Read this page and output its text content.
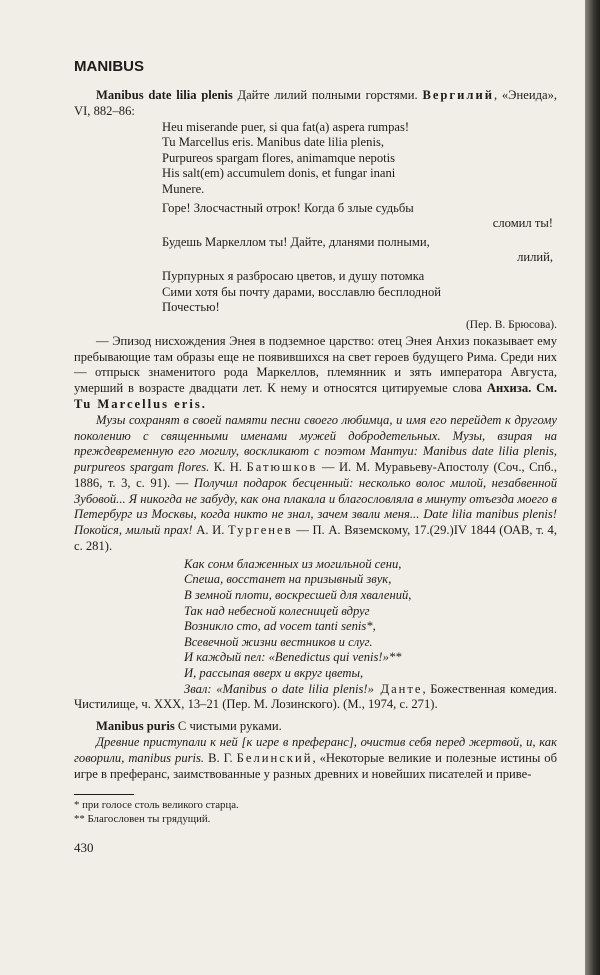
MANIBUS

Manibus date lilia plenis Дайте лилий полными горстями. Вергилий, «Энеида», VI, 882–86:

Heu miserande puer, si qua fat(a) aspera rumpas!
Tu Marcellus eris. Manibus date lilia plenis,
Purpureos spargam flores, animamque nepotis
His salt(em) accumulem donis, et fungar inani
Munere.
Горе! Злосчастный отрок! Когда б злые судьбы
сломил ты!
Будешь Маркеллом ты! Дайте, дланями полными,
лилий,
Пурпурных я разбросаю цветов, и душу потомка
Сими хотя бы почту дарами, восславлю бесплодной
Почестью!
(Пер. В. Брюсова).

— Эпизод нисхождения Энея в подземное царство: отец Энея Анхиз показывает ему пребывающие там образы еще не появившихся на свет героев будущего Рима. Среди них — отпрыск знаменитого рода Маркеллов, племянник и зять императора Августа, умерший в возрасте двадцати лет. К нему и относятся цитируемые слова Анхиза. См. Tu Marcellus eris.

Музы сохранят в своей памяти песни своего любимца, и имя его перейдет к другому поколению с священными именами мужей добродетельных. Музы, взирая на преждевременную его могилу, воскликают с поэтом Мантуи: Manibus date lilia plenis, purpureos spargam flores. К. Н. Батюшков — И. М. Муравьеву-Апостолу (Соч., Спб., 1886, т. 3, с. 91). — Получил подарок бесценный: несколько волос милой, незабвенной Зубовой... Я никогда не забуду, как она плакала и благословляла в минуту отъезда моего в Петербург из Москвы, когда никто не знал, зачем звали меня... Date lilia manibus plenis! Покойся, милый прах! А. И. Тургенев — П. А. Вяземскому, 17.(29.)IV 1844 (ОАВ, т. 4, с. 281).

Как сонм блаженных из могильной сени,
Спеша, восстанет на призывный звук,
В земной плоти, воскресшей для хвалений,
Так над небесной колесницей вдруг
Возникло сто, ad vocem tanti senis*,
Всевечной жизни вестников и слуг.
И каждый пел: «Benedictus qui venis!»**
И, рассыпая вверх и вкруг цветы,

Звал: «Manibus o date lilia plenis!» Данте, Божественная комедия. Чистилище, ч. XXX, 13–21 (Пер. М. Лозинского). (М., 1974, с. 271).

Manibus puris С чистыми руками.

Древние приступали к ней [к игре в преферанс], очистив себя перед жертвой, и, как говорили, manibus puris. В. Г. Белинский, «Некоторые великие и полезные истины об игре в преферанс, заимствованные у разных древних и новейших писателей и приве-

* при голосе столь великого старца.
** Благословен ты грядущий.
430
